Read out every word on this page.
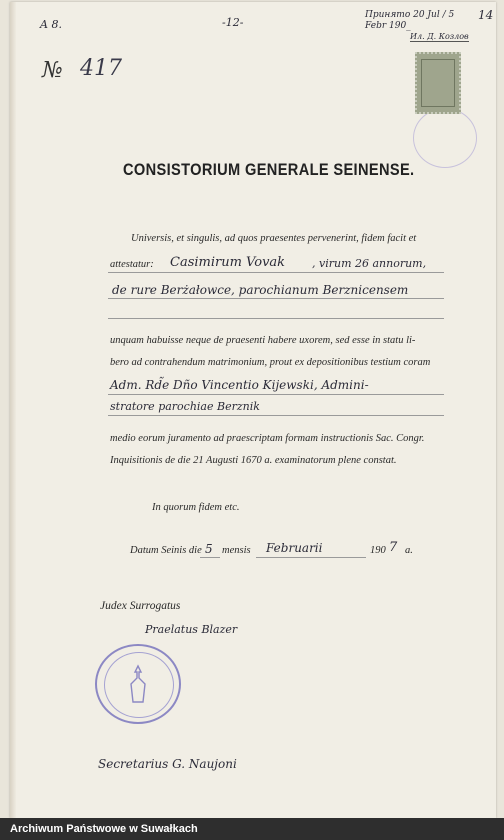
A 8.	-12-
Принято 20 Jul / 5 Febr 190_
Ил. Д. Козлов
14
№ 417
CONSISTORIUM GENERALE SEINENSE.
Universis, et singulis, ad quos praesentes pervenerint, fidem facit et
attestatur: Casimirum Vovak , virum 26 annorum,
de rure Berżałowce, parochianum Berznicensem
unquam habuisse neque de praesenti habere uxorem, sed esse in statu li-
bero ad contrahendum matrimonium, prout ex depositionibus testium coram
Adm. Rd̃e Dño Vincentio Kijewski, Admini-
stratore parochiae Berznik
medio eorum juramento ad praescriptam formam instructionis Sac. Congr.
Inquisitionis de die 21 Augusti 1670 a. examinatorum plene constat.
In quorum fidem etc.
Datum Seinis die 5 mensis Februarii	190 7 a.
Judex Surrogatus
Praelatus Blazer
Secretarius G. Naujoni
Archiwum Państwowe w Suwałkach
